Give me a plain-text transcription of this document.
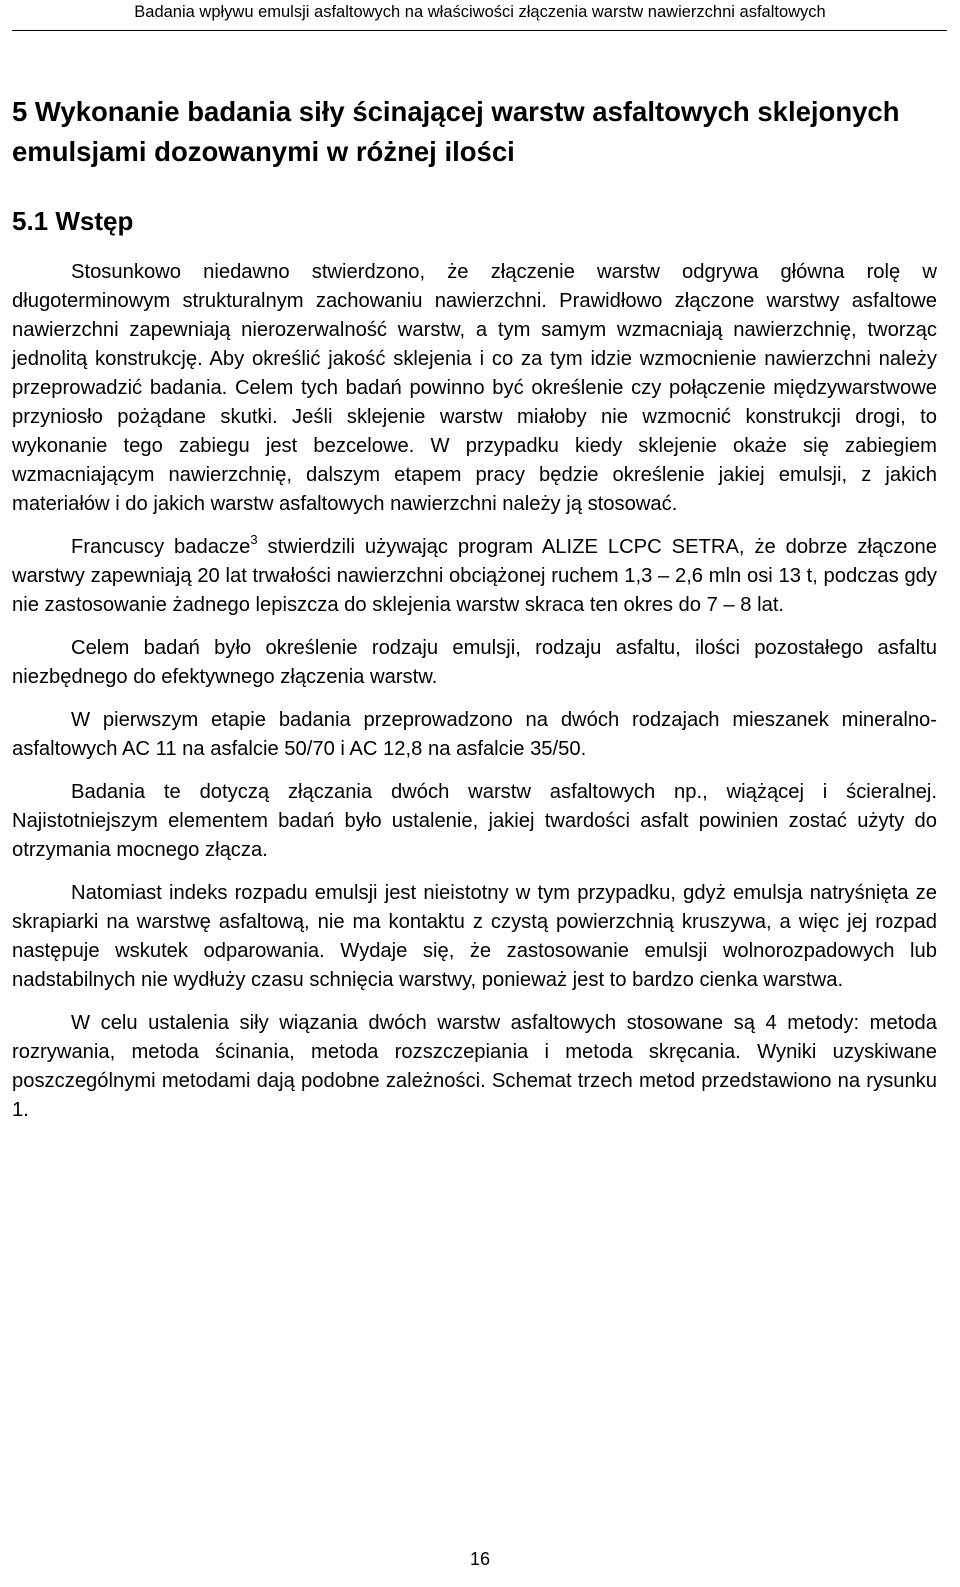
Badania wpływu emulsji asfaltowych na właściwości złączenia warstw nawierzchni asfaltowych
5 Wykonanie badania siły ścinającej warstw asfaltowych sklejonych emulsjami dozowanymi w różnej ilości
5.1 Wstęp

Stosunkowo niedawno stwierdzono, że złączenie warstw odgrywa główna rolę w długoterminowym strukturalnym zachowaniu nawierzchni. Prawidłowo złączone warstwy asfaltowe nawierzchni zapewniają nierozerwalność warstw, a tym samym wzmacniają nawierzchnię, tworząc jednolitą konstrukcję. Aby określić jakość sklejenia i co za tym idzie wzmocnienie nawierzchni należy przeprowadzić badania. Celem tych badań powinno być określenie czy połączenie międzywarstwowe przyniosło pożądane skutki. Jeśli sklejenie warstw miałoby nie wzmocnić konstrukcji drogi, to wykonanie tego zabiegu jest bezcelowe. W przypadku kiedy sklejenie okaże się zabiegiem wzmacniającym nawierzchnię, dalszym etapem pracy będzie określenie jakiej emulsji, z jakich materiałów i do jakich warstw asfaltowych nawierzchni należy ją stosować.

Francuscy badacze$^3$ stwierdzili używając program ALIZE LCPC SETRA, że dobrze złączone warstwy zapewniają 20 lat trwałości nawierzchni obciążonej ruchem 1,3 – 2,6 mln osi 13 t, podczas gdy nie zastosowanie żadnego lepiszcza do sklejenia warstw skraca ten okres do 7 – 8 lat.

Celem badań było określenie rodzaju emulsji, rodzaju asfaltu, ilości pozostałego asfaltu niezbędnego do efektywnego złączenia warstw.

W pierwszym etapie badania przeprowadzono na dwóch rodzajach mieszanek mineralno-asfaltowych AC 11 na asfalcie 50/70 i AC 12,8 na asfalcie 35/50.

Badania te dotyczą złączania dwóch warstw asfaltowych np., wiążącej i ścieralnej. Najistotniejszym elementem badań było ustalenie, jakiej twardości asfalt powinien zostać użyty do otrzymania mocnego złącza.

Natomiast indeks rozpadu emulsji jest nieistotny w tym przypadku, gdyż emulsja natryśnięta ze skrapiarki na warstwę asfaltową, nie ma kontaktu z czystą powierzchnią kruszywa, a więc jej rozpad następuje wskutek odparowania. Wydaje się, że zastosowanie emulsji wolnorozpadowych lub nadstabilnych nie wydłuży czasu schnięcia warstwy, ponieważ jest to bardzo cienka warstwa.

W celu ustalenia siły wiązania dwóch warstw asfaltowych stosowane są 4 metody: metoda rozrywania, metoda ścinania, metoda rozszczepiania i metoda skręcania. Wyniki uzyskiwane poszczególnymi metodami dają podobne zależności. Schemat trzech metod przedstawiono na rysunku 1.

16
